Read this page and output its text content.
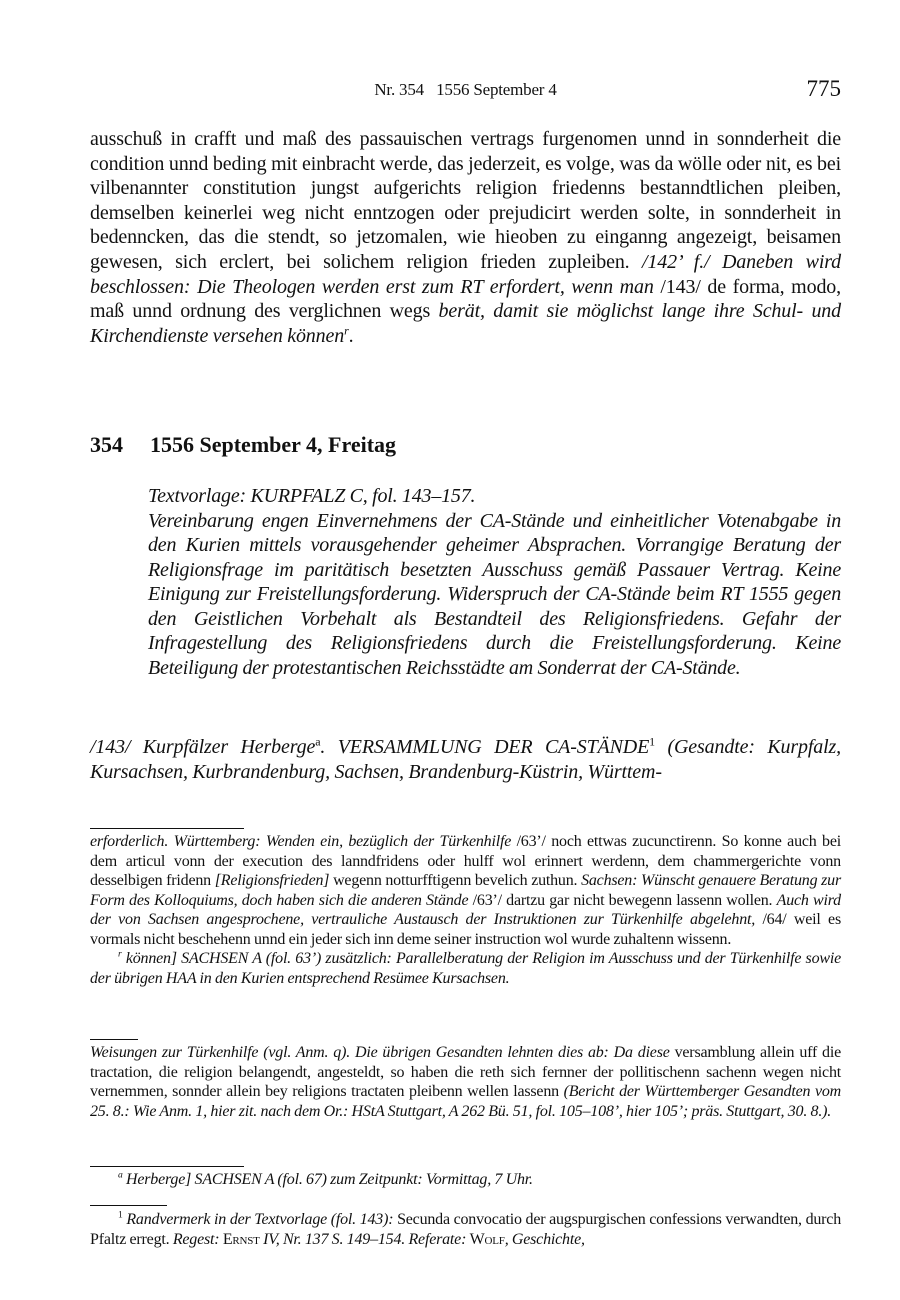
Nr. 354 1556 September 4	775

ausschuß in crafft und maß des passauischen vertrags furgenomen unnd in sonnderheit die condition unnd beding mit einbracht werde, das jederzeit, es volge, was da wölle oder nit, es bei vilbenannter constitution jungst aufgerichts religion friedenns bestanndtlichen pleiben, demselben keinerlei weg nicht enntzogen oder prejudicirt werden solte, in sonnderheit in bedenncken, das die stendt, so jetzomalen, wie hieoben zu einganng angezeigt, beisamen gewesen, sich erclert, bei solichem religion frieden zupleiben. /142’ f./ Daneben wird beschlossen: Die Theologen werden erst zum RT erfordert, wenn man /143/ de forma, modo, maß unnd ordnung des verglichnen wegs berät, damit sie möglichst lange ihre Schul- und Kirchendienste versehen können$^r$.

354 1556 September 4, Freitag

Textvorlage: KURPFALZ C, fol. 143–157.

Vereinbarung engen Einvernehmens der CA-Stände und einheitlicher Votenabgabe in den Kurien mittels vorausgehender geheimer Absprachen. Vorrangige Beratung der Religionsfrage im paritätisch besetzten Ausschuss gemäß Passauer Vertrag. Keine Einigung zur Freistellungsforderung. Widerspruch der CA-Stände beim RT 1555 gegen den Geistlichen Vorbehalt als Bestandteil des Religionsfriedens. Gefahr der Infragestellung des Religionsfriedens durch die Freistellungsforderung. Keine Beteiligung der protestantischen Reichsstädte am Sonderrat der CA-Stände.

/143/ Kurpfälzer Herberge$^a$. VERSAMMLUNG DER CA-STÄNDE$^1$ (Gesandte: Kurpfalz, Kursachsen, Kurbrandenburg, Sachsen, Brandenburg-Küstrin, Württem-

erforderlich. Württemberg: Wenden ein, bezüglich der Türkenhilfe /63’/ noch ettwas zucunctirenn. So konne auch bei dem articul vonn der execution des lanndfridens oder hulff wol erinnert werdenn, dem chammergerichte vonn desselbigen fridenn [Religionsfrieden] wegenn notturfftigenn bevelich zuthun. Sachsen: Wünscht genauere Beratung zur Form des Kolloquiums, doch haben sich die anderen Stände /63’/ dartzu gar nicht bewegenn lassenn wollen. Auch wird der von Sachsen angesprochene, vertrauliche Austausch der Instruktionen zur Türkenhilfe abgelehnt, /64/ weil es vormals nicht beschehenn unnd ein jeder sich inn deme seiner instruction wol wurde zuhaltenn wissenn.

$^r$ können] SACHSEN A (fol. 63’) zusätzlich: Parallelberatung der Religion im Ausschuss und der Türkenhilfe sowie der übrigen HAA in den Kurien entsprechend Resümee Kursachsen.

Weisungen zur Türkenhilfe (vgl. Anm. q). Die übrigen Gesandten lehnten dies ab: Da diese versamblung allein uff die tractation, die religion belangendt, angesteldt, so haben die reth sich fernner der pollitischenn sachenn wegen nicht vernemmen, sonnder allein bey religions tractaten pleibenn wellen lassenn (Bericht der Württemberger Gesandten vom 25. 8.: Wie Anm. 1, hier zit. nach dem Or.: HStA Stuttgart, A 262 Bü. 51, fol. 105–108’, hier 105’; präs. Stuttgart, 30. 8.).

$^a$ Herberge] SACHSEN A (fol. 67) zum Zeitpunkt: Vormittag, 7 Uhr.

$^1$ Randvermerk in der Textvorlage (fol. 143): Secunda convocatio der augspurgischen confessions verwandten, durch Pfaltz erregt. Regest: Ernst IV, Nr. 137 S. 149–154. Referate: Wolf, Geschichte,
